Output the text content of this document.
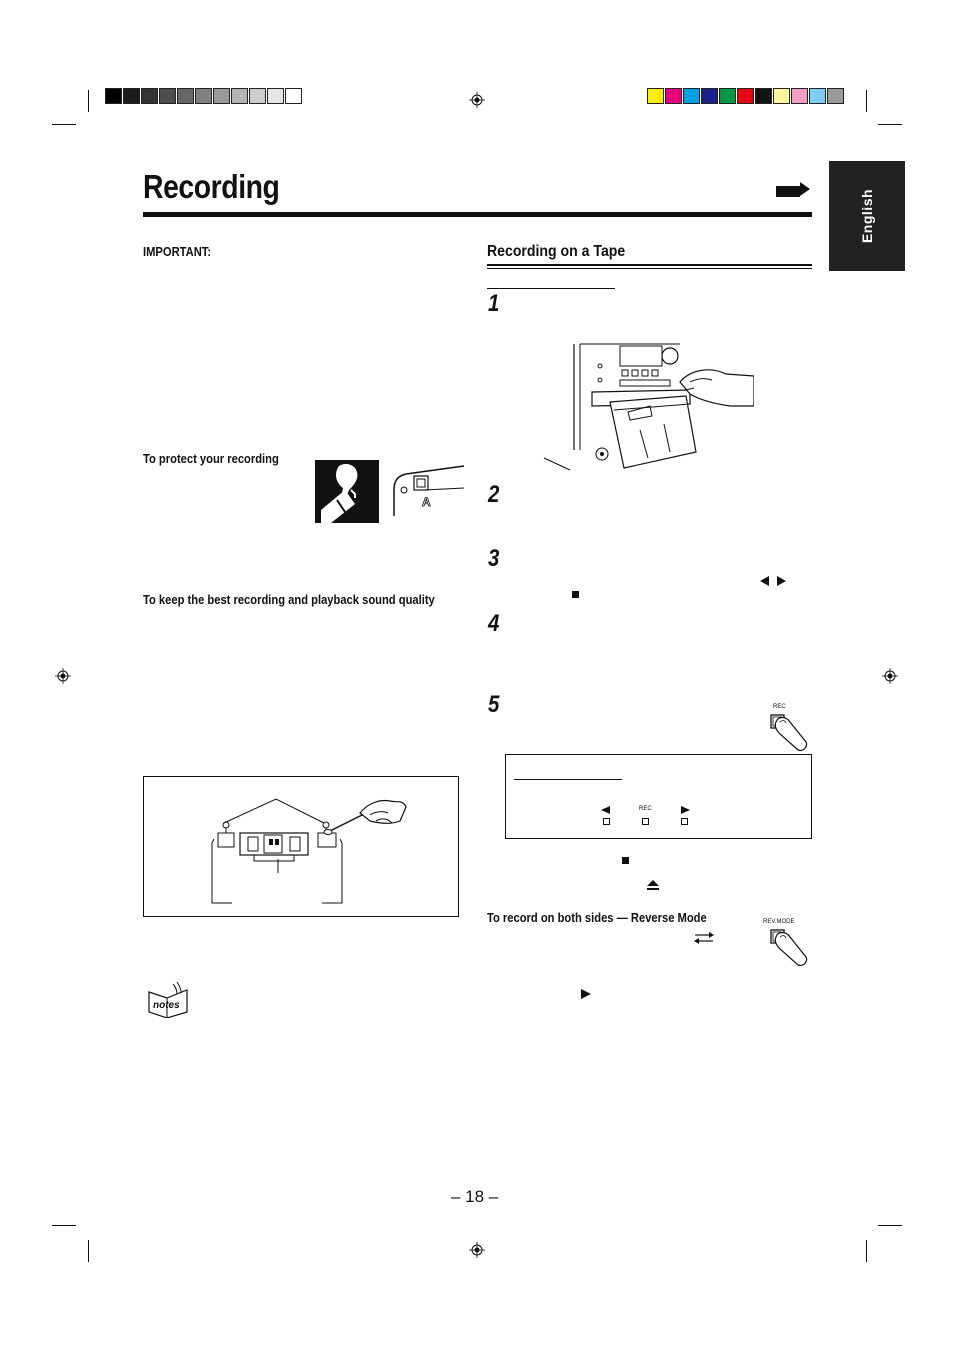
Recording
English
IMPORTANT:
To protect your recording
A
To keep the best recording and playback sound quality
notes
Recording on a Tape
1
2
3
4
5	REC
REC
To record on both sides — Reverse Mode	REV.MODE
– 18 –
